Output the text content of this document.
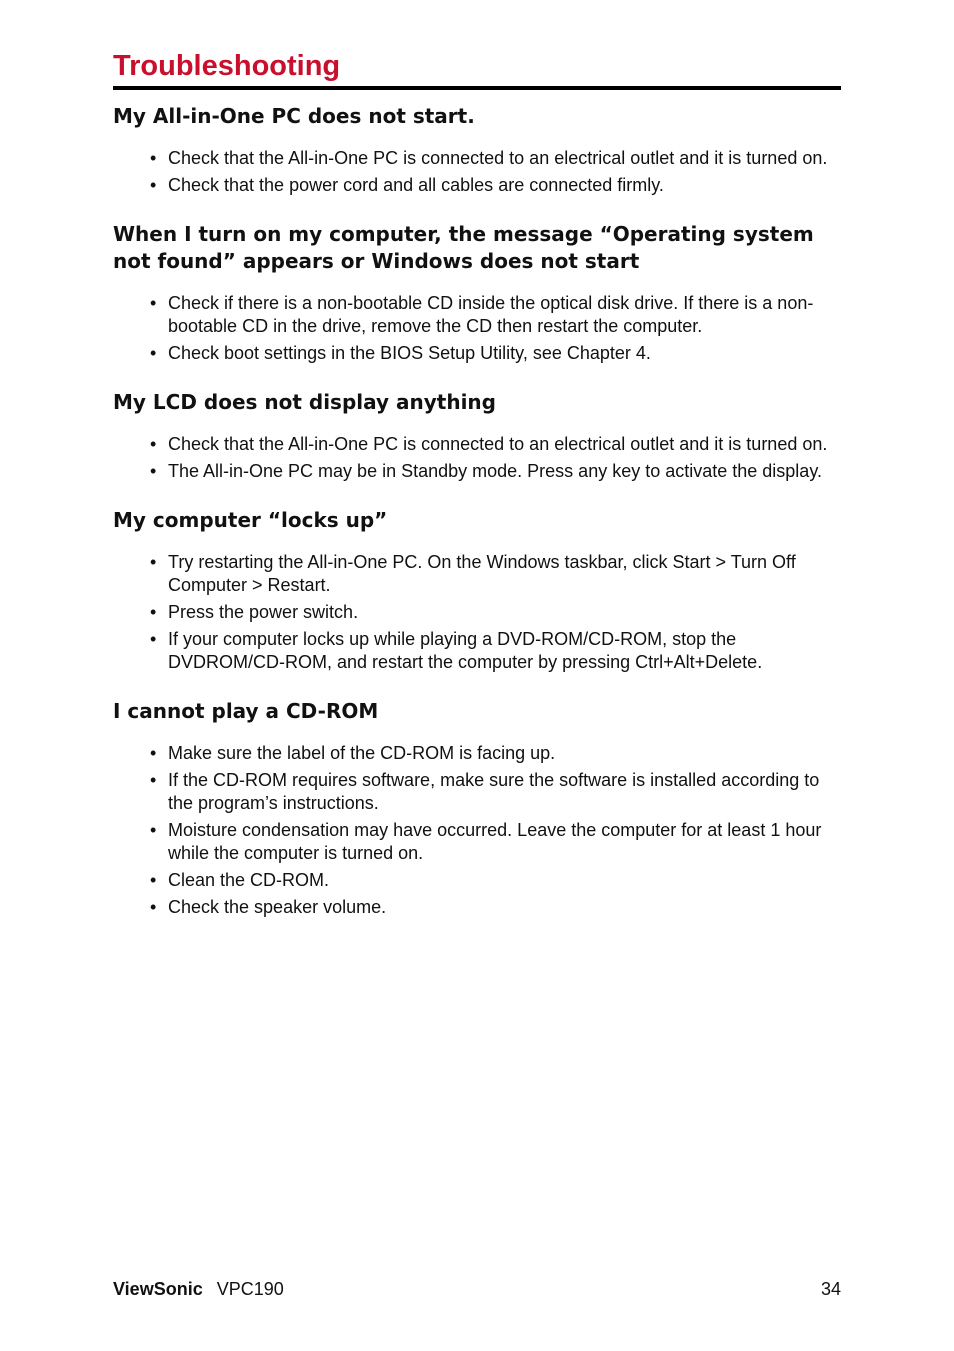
Troubleshooting
My All-in-One PC does not start.
• Check that the All-in-One PC is connected to an electrical outlet and it is turned on.
• Check that the power cord and all cables are connected firmly.
When I turn on my computer, the message “Operating system not found” appears or Windows does not start
• Check if there is a non-bootable CD inside the optical disk drive. If there is a non-bootable CD in the drive, remove the CD then restart the computer.
• Check boot settings in the BIOS Setup Utility, see Chapter 4.
My LCD does not display anything
• Check that the All-in-One PC is connected to an electrical outlet and it is turned on.
• The All-in-One PC may be in Standby mode. Press any key to activate the display.
My computer “locks up”
• Try restarting the All-in-One PC. On the Windows taskbar, click Start > Turn Off Computer > Restart.
• Press the power switch.
• If your computer locks up while playing a DVD-ROM/CD-ROM, stop the DVDROM/CD-ROM, and restart the computer by pressing Ctrl+Alt+Delete.
I cannot play a CD-ROM
• Make sure the label of the CD-ROM is facing up.
• If the CD-ROM requires software, make sure the software is installed according to the program’s instructions.
• Moisture condensation may have occurred. Leave the computer for at least 1 hour while the computer is turned on.
• Clean the CD-ROM.
• Check the speaker volume.
ViewSonic VPC190	34
